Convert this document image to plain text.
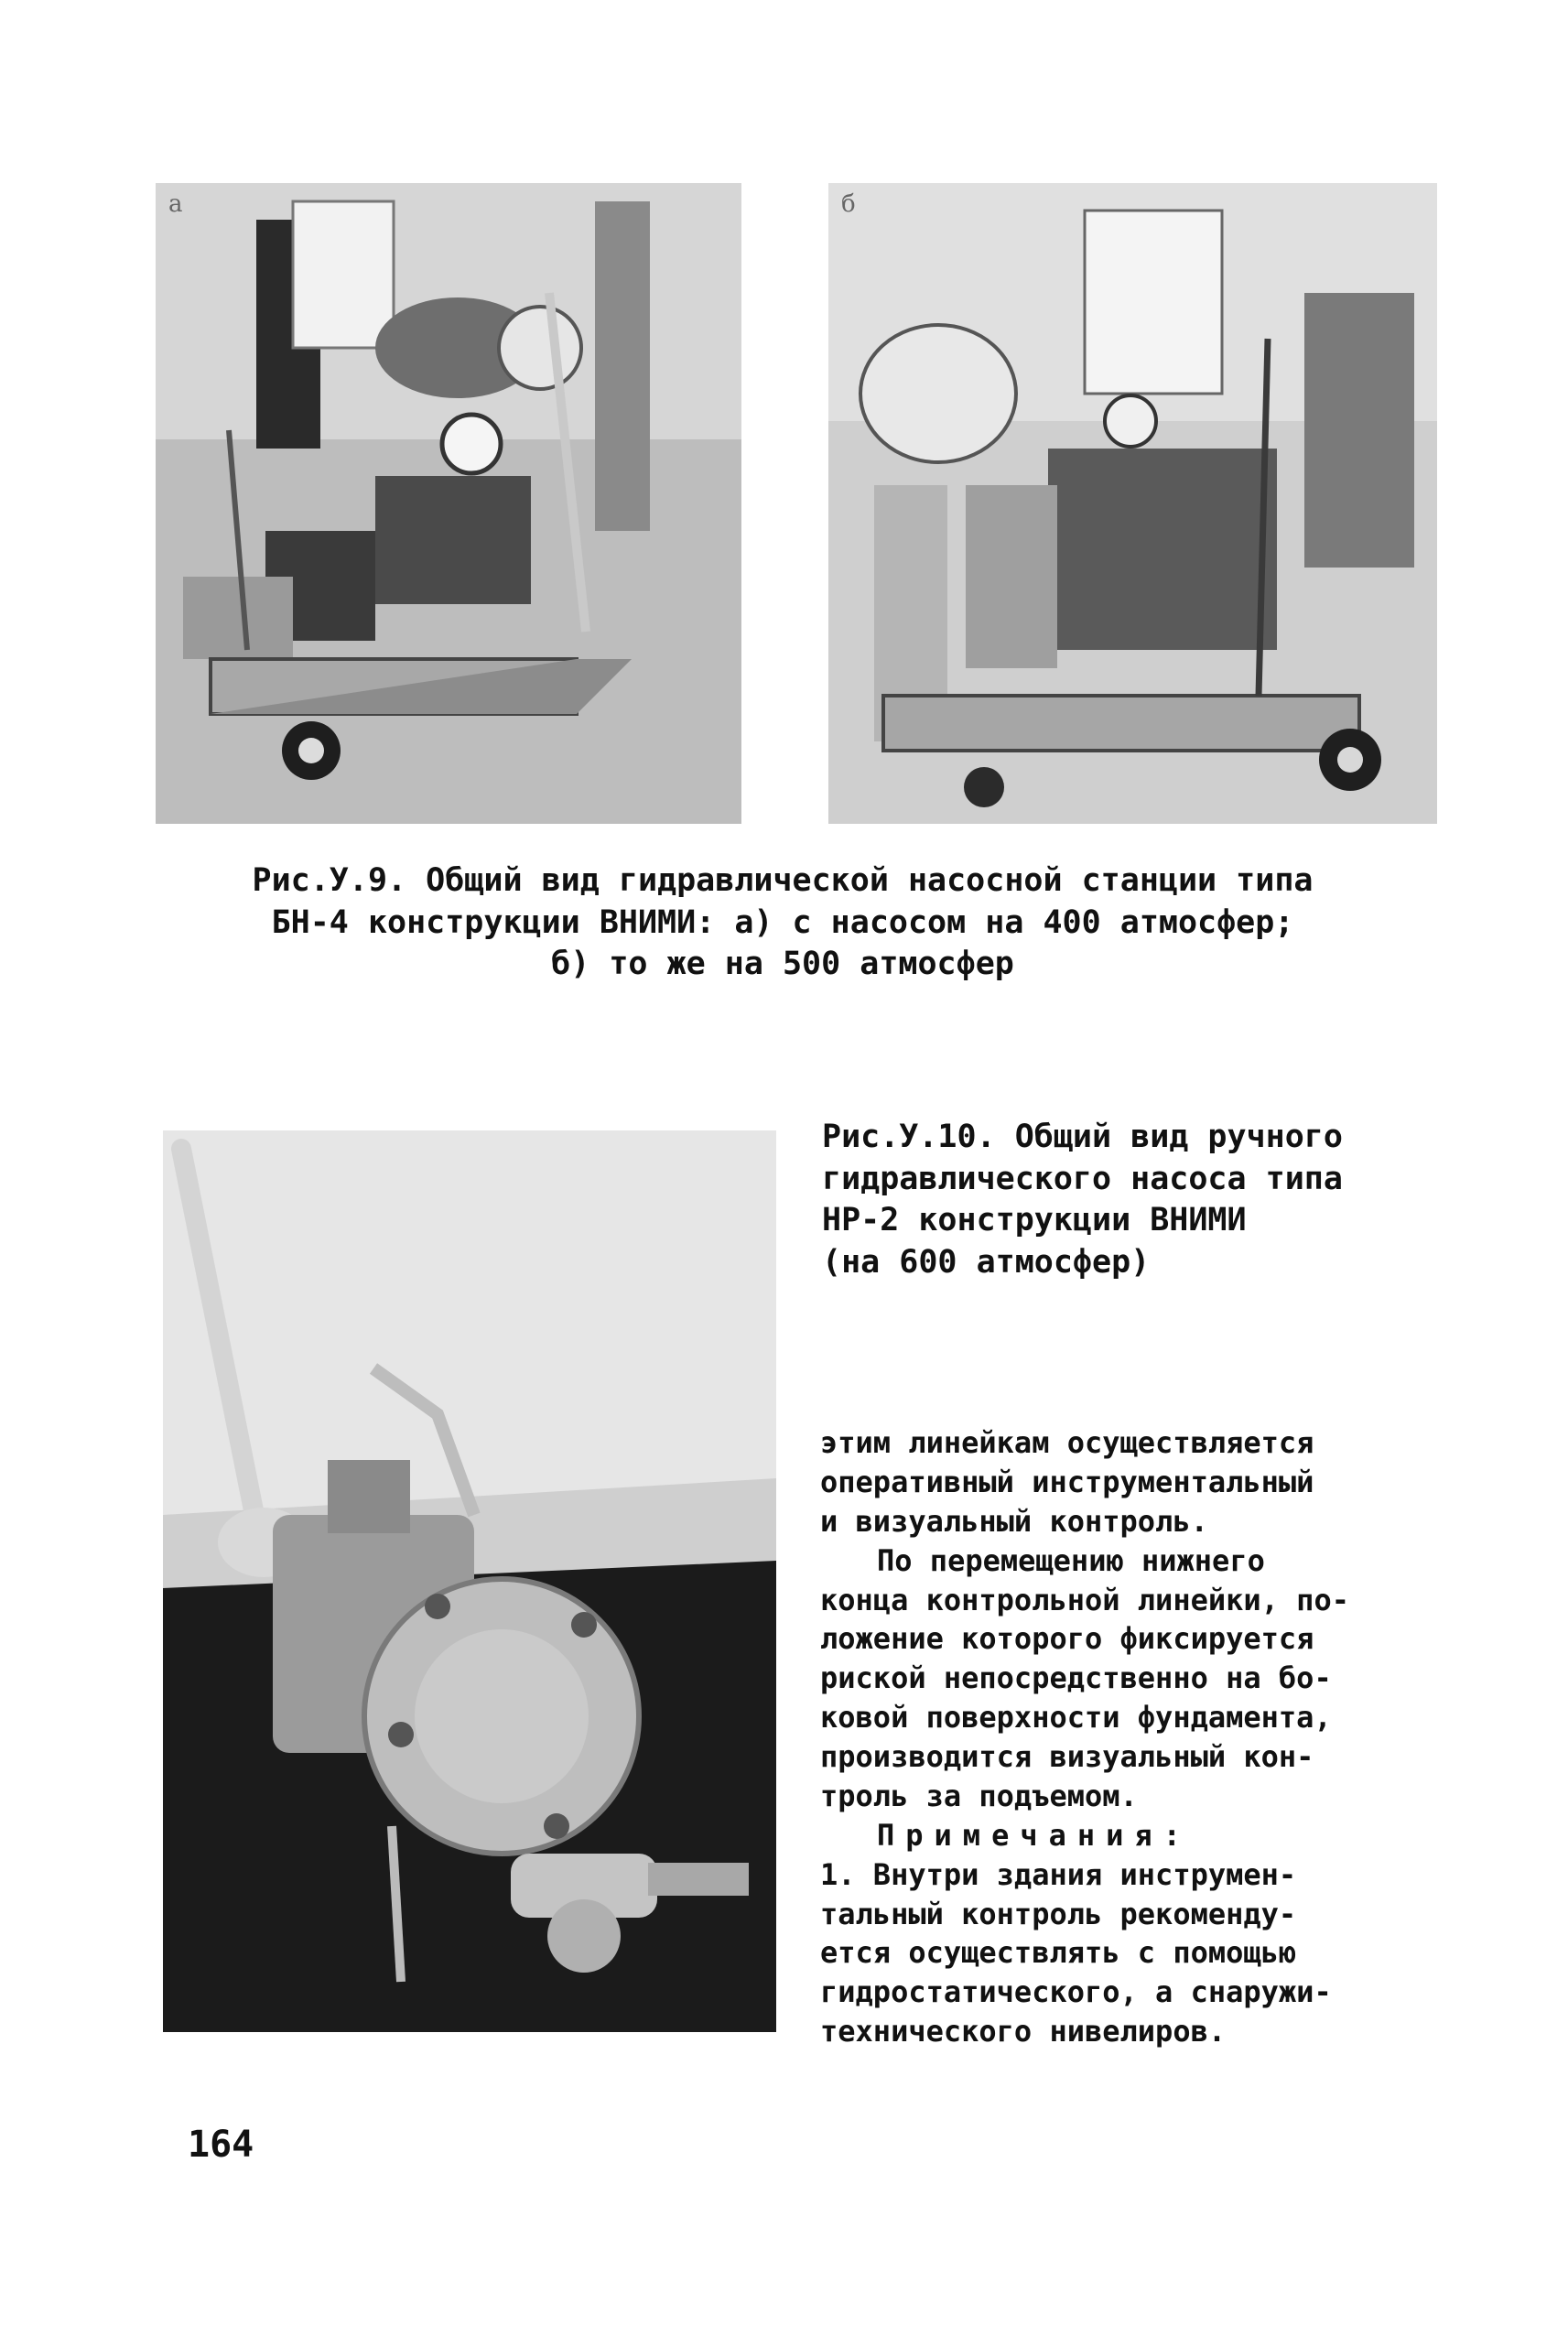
а	б

Рис.У.9. Общий вид гидравлической насосной станции типа
БН-4 конструкции ВНИМИ: а) с насосом на 400 атмосфер;
б) то же на 500 атмосфер

Рис.У.10. Общий вид ручного
гидравлического насоса типа
НР-2 конструкции ВНИМИ
(на 600 атмосфер)

этим линейкам осуществляется
оперативный инструментальный
и визуальный контроль.
По перемещению нижнего
конца контрольной линейки, по-
ложение которого фиксируется
риской непосредственно на бо-
ковой поверхности фундамента,
производится визуальный кон-
троль за подъемом.
Примечания:
1. Внутри здания инструмен-
тальный контроль рекоменду-
ется осуществлять с помощью
гидростатического, а снаружи-
технического нивелиров.
164
